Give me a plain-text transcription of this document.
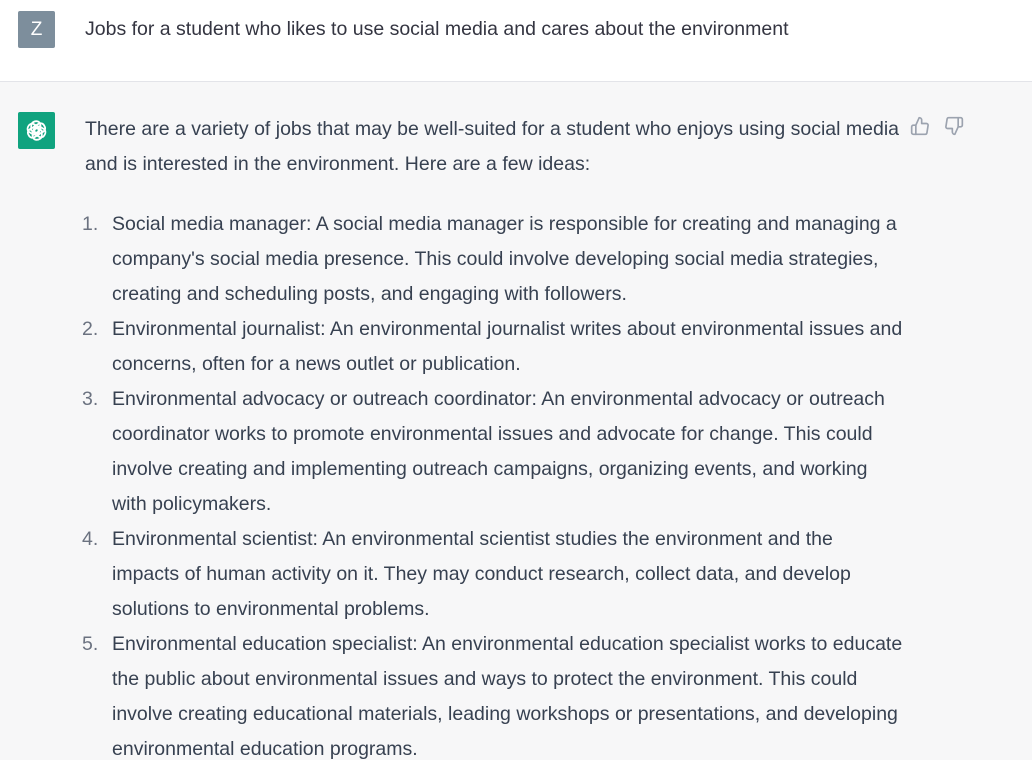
Z	Jobs for a student who likes to use social media and cares about the environment

There are a variety of jobs that may be well-suited for a student who enjoys using social media and is interested in the environment. Here are a few ideas:

1. Social media manager: A social media manager is responsible for creating and managing a company's social media presence. This could involve developing social media strategies, creating and scheduling posts, and engaging with followers.
2. Environmental journalist: An environmental journalist writes about environmental issues and concerns, often for a news outlet or publication.
3. Environmental advocacy or outreach coordinator: An environmental advocacy or outreach coordinator works to promote environmental issues and advocate for change. This could involve creating and implementing outreach campaigns, organizing events, and working with policymakers.
4. Environmental scientist: An environmental scientist studies the environment and the impacts of human activity on it. They may conduct research, collect data, and develop solutions to environmental problems.
5. Environmental education specialist: An environmental education specialist works to educate the public about environmental issues and ways to protect the environment. This could involve creating educational materials, leading workshops or presentations, and developing environmental education programs.
